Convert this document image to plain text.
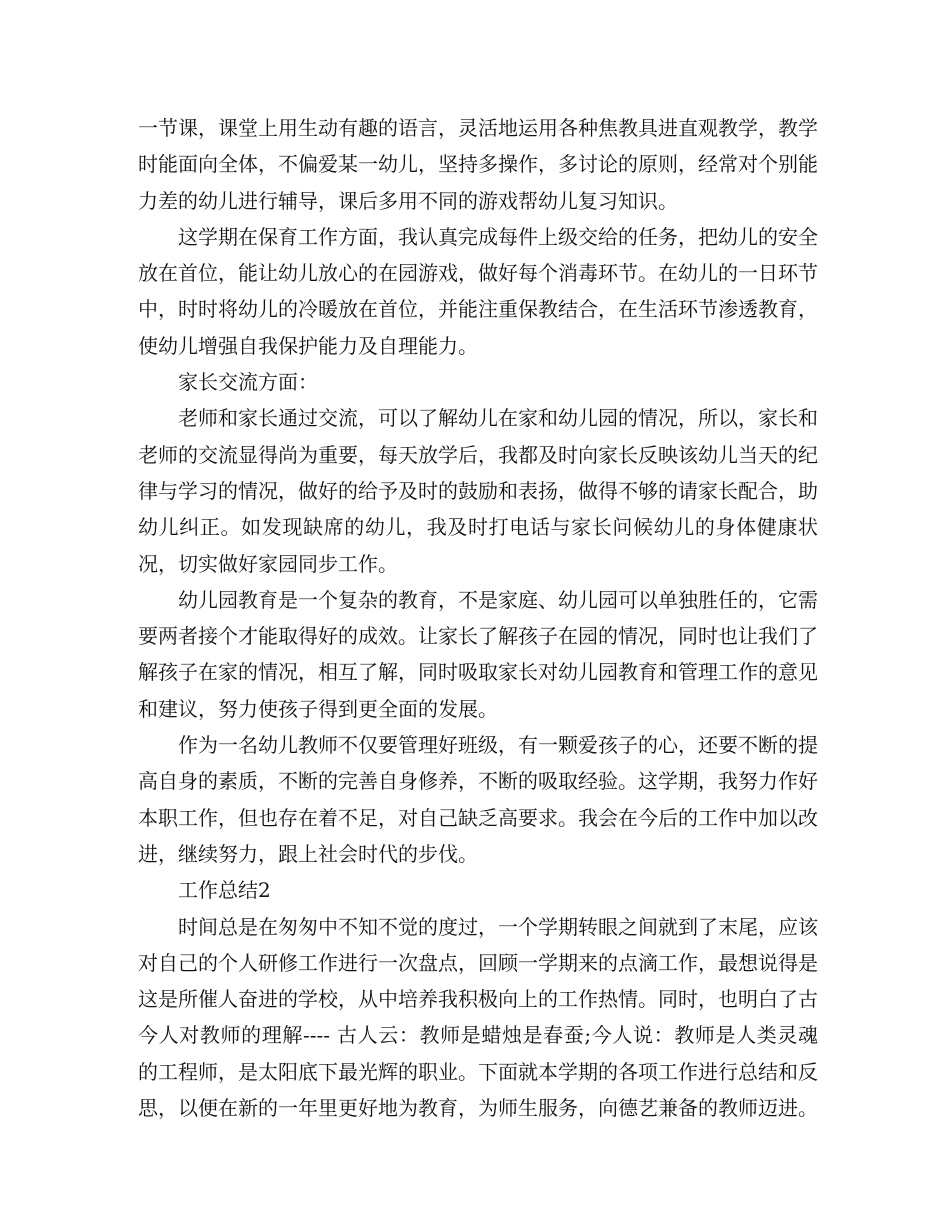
一节课，课堂上用生动有趣的语言，灵活地运用各种焦教具进直观教学，教学时能面向全体，不偏爱某一幼儿，坚持多操作，多讨论的原则，经常对个别能力差的幼儿进行辅导，课后多用不同的游戏帮幼儿复习知识。

这学期在保育工作方面，我认真完成每件上级交给的任务，把幼儿的安全放在首位，能让幼儿放心的在园游戏，做好每个消毒环节。在幼儿的一日环节中，时时将幼儿的冷暖放在首位，并能注重保教结合，在生活环节渗透教育，使幼儿增强自我保护能力及自理能力。

家长交流方面：

老师和家长通过交流，可以了解幼儿在家和幼儿园的情况，所以，家长和老师的交流显得尚为重要，每天放学后，我都及时向家长反映该幼儿当天的纪律与学习的情况，做好的给予及时的鼓励和表扬，做得不够的请家长配合，助幼儿纠正。如发现缺席的幼儿，我及时打电话与家长问候幼儿的身体健康状况，切实做好家园同步工作。

幼儿园教育是一个复杂的教育，不是家庭、幼儿园可以单独胜任的，它需要两者接个才能取得好的成效。让家长了解孩子在园的情况，同时也让我们了解孩子在家的情况，相互了解，同时吸取家长对幼儿园教育和管理工作的意见和建议，努力使孩子得到更全面的发展。

作为一名幼儿教师不仅要管理好班级，有一颗爱孩子的心，还要不断的提高自身的素质，不断的完善自身修养，不断的吸取经验。这学期，我努力作好本职工作，但也存在着不足，对自己缺乏高要求。我会在今后的工作中加以改进，继续努力，跟上社会时代的步伐。

工作总结2

时间总是在匆匆中不知不觉的度过，一个学期转眼之间就到了末尾，应该对自己的个人研修工作进行一次盘点，回顾一学期来的点滴工作，最想说得是这是所催人奋进的学校，从中培养我积极向上的工作热情。同时，也明白了古今人对教师的理解---- 古人云：教师是蜡烛是春蚕;今人说：教师是人类灵魂的工程师，是太阳底下最光辉的职业。下面就本学期的各项工作进行总结和反思，以便在新的一年里更好地为教育，为师生服务，向德艺兼备的教师迈进。
